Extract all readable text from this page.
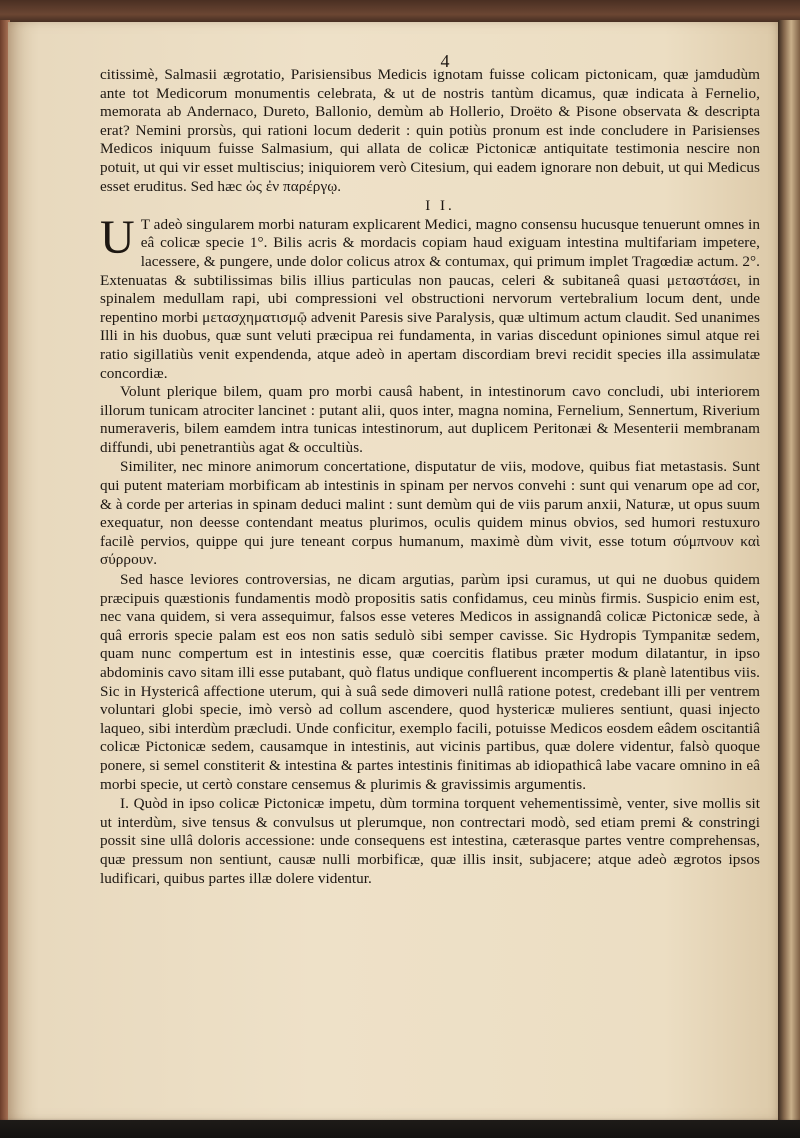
4

citissimè, Salmasii ægrotatio, Parisiensibus Medicis ignotam fuisse colicam pictonicam, quæ jamdudùm ante tot Medicorum monumentis celebrata, & ut de nostris tantùm dicamus, quæ indicata à Fernelio, memorata ab Andernaco, Dureto, Ballonio, demùm ab Hollerio, Droëto & Pisone observata & descripta erat? Nemini prorsùs, qui rationi locum dederit : quin potiùs pronum est inde concludere in Parisienses Medicos iniquum fuisse Salmasium, qui allata de colicæ Pictonicæ antiquitate testimonia nescire non potuit, ut qui vir esset multiscius; iniquiorem verò Citesium, qui eadem ignorare non debuit, ut qui Medicus esset eruditus. Sed hæc ὡς ἐν παρέργῳ.

I I.

U T adeò singularem morbi naturam explicarent Medici, magno consensu hucusque tenuerunt omnes in eâ colicæ specie 1°. Bilis acris & mordacis copiam haud exiguam intestina multifariam impetere, lacessere, & pungere, unde dolor colicus atrox & contumax, qui primum implet Tragœdiæ actum. 2°. Extenuatas & subtilissimas bilis illius particulas non paucas, celeri & subitaneâ quasi μεταστάσει, in spinalem medullam rapi, ubi compressioni vel obstructioni nervorum vertebralium locum dent, unde repentino morbi μετασχηματισμῷ advenit Paresis sive Paralysis, quæ ultimum actum claudit. Sed unanimes Illi in his duobus, quæ sunt veluti præcipua rei fundamenta, in varias discedunt opiniones simul atque rei ratio sigillatiùs venit expendenda, atque adeò in apertam discordiam brevi recidit species illa assimulatæ concordiæ.

Volunt plerique bilem, quam pro morbi causâ habent, in intestinorum cavo concludi, ubi interiorem illorum tunicam atrociter lancinet : putant alii, quos inter, magna nomina, Fernelium, Sennertum, Riverium numeraveris, bilem eamdem intra tunicas intestinorum, aut duplicem Peritonæi & Mesenterii membranam diffundi, ubi penetrantiùs agat & occultiùs.

Similiter, nec minore animorum concertatione, disputatur de viis, modove, quibus fiat metastasis. Sunt qui putent materiam morbificam ab intestinis in spinam per nervos convehi : sunt qui venarum ope ad cor, & à corde per arterias in spinam deduci malint : sunt demùm qui de viis parum anxii, Naturæ, ut opus suum exequatur, non deesse contendant meatus plurimos, oculis quidem minus obvios, sed humori restuxuro facilè pervios, quippe qui jure teneant corpus humanum, maximè dùm vivit, esse totum σύμπνουν καὶ σύρρουν.

Sed hasce leviores controversias, ne dicam argutias, parùm ipsi curamus, ut qui ne duobus quidem præcipuis quæstionis fundamentis modò propositis satis confidamus, ceu minùs firmis. Suspicio enim est, nec vana quidem, si vera assequimur, falsos esse veteres Medicos in assignandâ colicæ Pictonicæ sede, à quâ erroris specie palam est eos non satis sedulò sibi semper cavisse. Sic Hydropis Tympanitæ sedem, quam nunc compertum est in intestinis esse, quæ coercitis flatibus præter modum dilatantur, in ipso abdominis cavo sitam illi esse putabant, quò flatus undique confluerent incompertis & planè latentibus viis. Sic in Hystericâ affectione uterum, qui à suâ sede dimoveri nullâ ratione potest, credebant illi per ventrem voluntari globi specie, imò versò ad collum ascendere, quod hystericæ mulieres sentiunt, quasi injecto laqueo, sibi interdùm præcludi. Unde conficitur, exemplo facili, potuisse Medicos eosdem eâdem oscitantiâ colicæ Pictonicæ sedem, causamque in intestinis, aut vicinis partibus, quæ dolere videntur, falsò quoque ponere, si semel constiterit & intestina & partes intestinis finitimas ab idiopathicâ labe vacare omnino in eâ morbi specie, ut certò constare censemus & plurimis & gravissimis argumentis.

I. Quòd in ipso colicæ Pictonicæ impetu, dùm tormina torquent vehementissimè, venter, sive mollis sit ut interdùm, sive tensus & convulsus ut plerumque, non contrectari modò, sed etiam premi & constringi possit sine ullâ doloris accessione: unde consequens est intestina, cæterasque partes ventre comprehensas, quæ pressum non sentiunt, causæ nulli morbificæ, quæ illis insit, subjacere; atque adeò ægrotos ipsos ludificari, quibus partes illæ dolere videntur.
